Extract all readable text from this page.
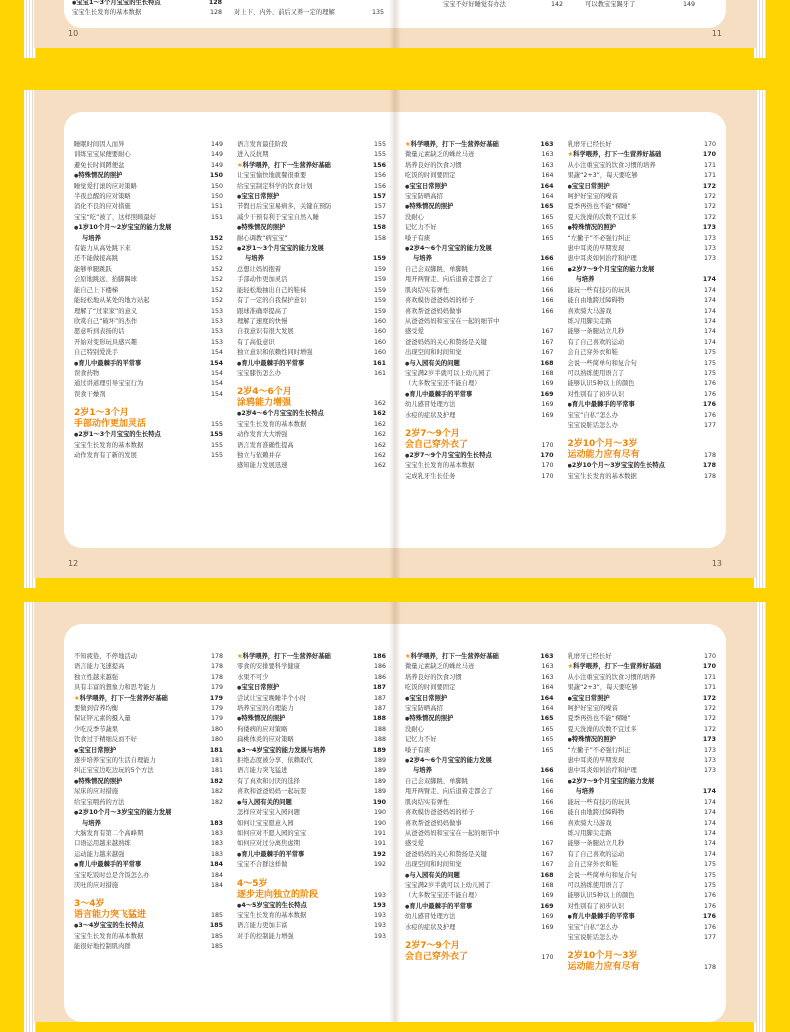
● 宝宝1～3个月宝宝的生长特点	128
宝宝生长发育的基本数据	128 对上下、内外、前后又养一定的理解	135
10
宝宝不好好睡觉有办法	142	可以教宝宝踢牙了	149
11
睡眠时间因人而异	149
训练宝宝尿便要耐心	149
避免长时间蹲便盆	149
● 特殊情况的照护	150
睡觉爱打滚的应对策略	150
半夜总醒的应对策略	150
消化不良的应对措施	151
宝宝“吃”被了，这样照顾最好	151
● 1岁10个月～2岁宝宝的能力发展
与培养	152
有能力从高处跳下来	152
还不能做接高跳	152
能够单腿跳跃	152
会原地跳远、抬脚踢球	152
能自己上下楼梯	152
能轻松地从某处的地方站起	152
理解了“过家家”的意义	153
欣赏自己“破坏”的杰作	153
愿意听到表扬的话	153
开始对变形玩具感兴趣	153
自己特别爱洗手	154
● 育儿中最棘手的平常事	154
误食药物	154
通过讲道理引导宝宝行为	154
误食干燥剂	154
2岁1～3个月
手部动作更加灵活	155
● 2岁1～3个月宝宝的生长特点	155
宝宝生长发育的基本数据	155
动作发育有了新的发展	155
语言发育最佳阶段	155
进入反抗期	155
★ 科学喂养，打下一生营养好基础	156
让宝宝愉快地就餐很重要	156
给宝宝制定科学的饮食计划	156
● 宝宝日常照护	157
节假日后宝宝易病多，关键在预防	157
减少干预有利于宝宝自然入睡	157
● 特殊情况的照护	158
耐心调教“病宝宝”	158
● 2岁1～3个月宝宝的能力发展
与培养	159
总想让妈妈抱着	159
手部动作更加灵活	159
能轻松地抽出自己的鞋袜	159
有了一定的自我保护意识	159
跟球准确率提高了	159
理解了速度的快慢	160
自我意识有很大发展	160
有了高低意识	160
独立意识和依赖性同时增强	160
● 育儿中最棘手的平常事	161
宝宝膝伤怎么办	161
2岁4～6个月
涂鸦能力增强	162
● 2岁4～6个月宝宝的生长特点	162
宝宝生长发育的基本数据	162
动作发育大大增强	162
语言发育准确性提高	162
独立与依赖并存	162
感知能力发展迅速	162
12
★ 科学喂养，打下一生营养好基础	163
微量元素缺乏的蛛丝马迹	163
培养良好的饮食习惯	163
吃饭的时间要固定	164
● 宝宝日常照护	164
宝宝防晒高招	164
● 特殊情况的照护	165
没耐心	165
记忆力不好	165
嗓子有痰	165
● 2岁4～6个月宝宝的能力发展
与培养	166
自己会双脚跳、单脚跳	166
甩开两臂走、向后退着走都会了	166
肌肉结实有弹性	166
喜欢模仿爸爸妈妈的样子	166
喜欢帮爸爸妈妈做事	166
从爸爸妈妈和宝宝在一起的细节中
感受爱	167
爸爸妈妈的关心和赞扬是关键	167
出现空间和时间知觉	167
● 与入园有关的问题	168
宝宝满2岁半就可以上幼儿园了	168
（大多数宝宝还不能自理）	169
● 育儿中最棘手的平常事	169
幼儿感冒处理方法	169
水痘的症状及护理	169
2岁7～9个月
会自己穿外衣了	170
● 2岁7～9个月宝宝的生长特点	170
宝宝生长发育的基本数据	170
完成乳牙生长任务	170
乳磨牙已经长好	170
★ 科学喂养，打下一生营养好基础	170
从小注重宝宝的饮食习惯的培养	171
果蔬“2+3”，每天要吃够	171
● 宝宝日常照护	172
呵护好宝宝的噪音	172
夏季再热也不能“裸睡”	172
夏天洗澡的次数不宜过多	172
● 特殊情况的照护	173
“左撇子”不必强行纠正	173
患中耳炎的早期发现	173
患中耳炎如何治疗和护理	173
● 2岁7～9个月宝宝的能力发展
与培养	174
能玩一些有技巧的玩具	174
能自由地跨过障碍物	174
喜欢骑大马游戏	174
练习用脚尖走路	174
能够一条腿站立几秒	174
有了自己喜欢的运动	174
会自己穿外衣和鞋	175
会说一些简单句和复合句	175
可以熟练使用语言了	175
能够认识5种以上的颜色	176
对性别有了初步认识	176
● 育儿中最棘手的平常事	176
宝宝“自私”怎么办	176
宝宝说脏话怎么办	177
2岁10个月～3岁
运动能力应有尽有	178
● 2岁10个月～3岁宝宝的生长特点	178
宝宝生长发育的基本数据	178
13
不知疲倦，不停地活动	178
语言能力飞速提高	178
独立性越来越强	178
具有丰富的想象力和思考能力	179
★ 科学喂养，打下一生营养好基础	179
要做到营养均衡	179
保证锌元素的摄入量	179
少吃反季节蔬果	180
饮食过于精细反而不好	180
● 宝宝日常照护	181
逐步培养宝宝的生活自理能力	181
纠正宝宝边吃边玩的5个方法	181
● 特殊情况的照护	182
尿床的应对措施	182
给宝宝喂药的方法	182
● 2岁10个月～3岁宝宝的能力发展
与培养	183
大脑发育有第二个高峰期	183
口语运用越来越熟练	183
运动能力越来越强	183
● 育儿中最棘手的平常事	184
宝宝吃饭时总是含饭怎么办	184
厌吐的应对措施	184
3～4岁
语言能力突飞猛进	185
● 3～4岁宝宝的生长特点	185
宝宝生长发育的基本数据	185
能很好地控制肌肉群	185
★ 科学喂养，打下一生营养好基础	186
零食的安排要科学健康	186
水果不可少	186
● 宝宝日常照护	187
尝试让宝宝晚睡半个小时	187
培养宝宝的自理能力	187
● 特殊情况的照护	188
佝偻病的应对策略	188
扁桃体炎的应对策略	188
● 3～4岁宝宝的能力发展与培养	189
拒绝态度被分享、依赖取代	189
语言能力突飞猛进	189
有了真欢和讨厌的选择	189
喜欢和爸爸妈妈一起玩耍	189
● 与入园有关的问题	190
怎样应对宝宝入园问题	190
如何让宝宝愿意入园	190
如何应对不愿入园的宝宝	191
如何应对过分离焦虑期	191
● 育儿中最棘手的平常事	192
宝宝不合群这样做	192
4～5岁
逐步走向独立的阶段	193
● 4～5岁宝宝的生长特点	193
宝宝生长发育的基本数据	193
语言能力更加丰富	193
对手的控制能力增强	193
★ 科学喂养，打下一生营养好基础	163
微量元素缺乏的蛛丝马迹	163
培养良好的饮食习惯	163
吃饭的时间要固定	164
● 宝宝日常照护	164
宝宝防晒高招	164
● 特殊情况的照护	165
没耐心	165
记忆力不好	165
嗓子有痰	165
● 2岁4～6个月宝宝的能力发展
与培养	166
自己会双脚跳、单脚跳	166
甩开两臂走、向后退着走都会了	166
肌肉结实有弹性	166
喜欢模仿爸爸妈妈的样子	166
喜欢帮爸爸妈妈做事	166
从爸爸妈妈和宝宝在一起的细节中
感受爱	167
爸爸妈妈的关心和赞扬是关键	167
出现空间和时间知觉	167
● 与入园有关的问题	168
宝宝满2岁半就可以上幼儿园了	168
（大多数宝宝还不能自理）	169
● 育儿中最棘手的平常事	169
幼儿感冒处理方法	169
水痘的症状及护理	169
2岁7～9个月
会自己穿外衣了	170
乳磨牙已经长好	170
★ 科学喂养，打下一生营养好基础	170
从小注重宝宝的饮食习惯的培养	171
果蔬“2+3”，每天要吃够	171
● 宝宝日常照护	172
呵护好宝宝的噪音	172
夏季再热也不能“裸睡”	172
夏天洗澡的次数不宜过多	172
● 特殊情况的照护	173
“左撇子”不必强行纠正	173
患中耳炎的早期发现	173
患中耳炎如何治疗和护理	173
● 2岁7～9个月宝宝的能力发展
与培养	174
能玩一些有技巧的玩具	174
能自由地跨过障碍物	174
喜欢骑大马游戏	174
练习用脚尖走路	174
能够一条腿站立几秒	174
有了自己喜欢的运动	174
会自己穿外衣和鞋	175
会说一些简单句和复合句	175
可以熟练使用语言了	175
能够认识5种以上的颜色	176
对性别有了初步认识	176
● 育儿中最棘手的平常事	176
宝宝“自私”怎么办	176
宝宝说脏话怎么办	177
2岁10个月～3岁
运动能力应有尽有	178
